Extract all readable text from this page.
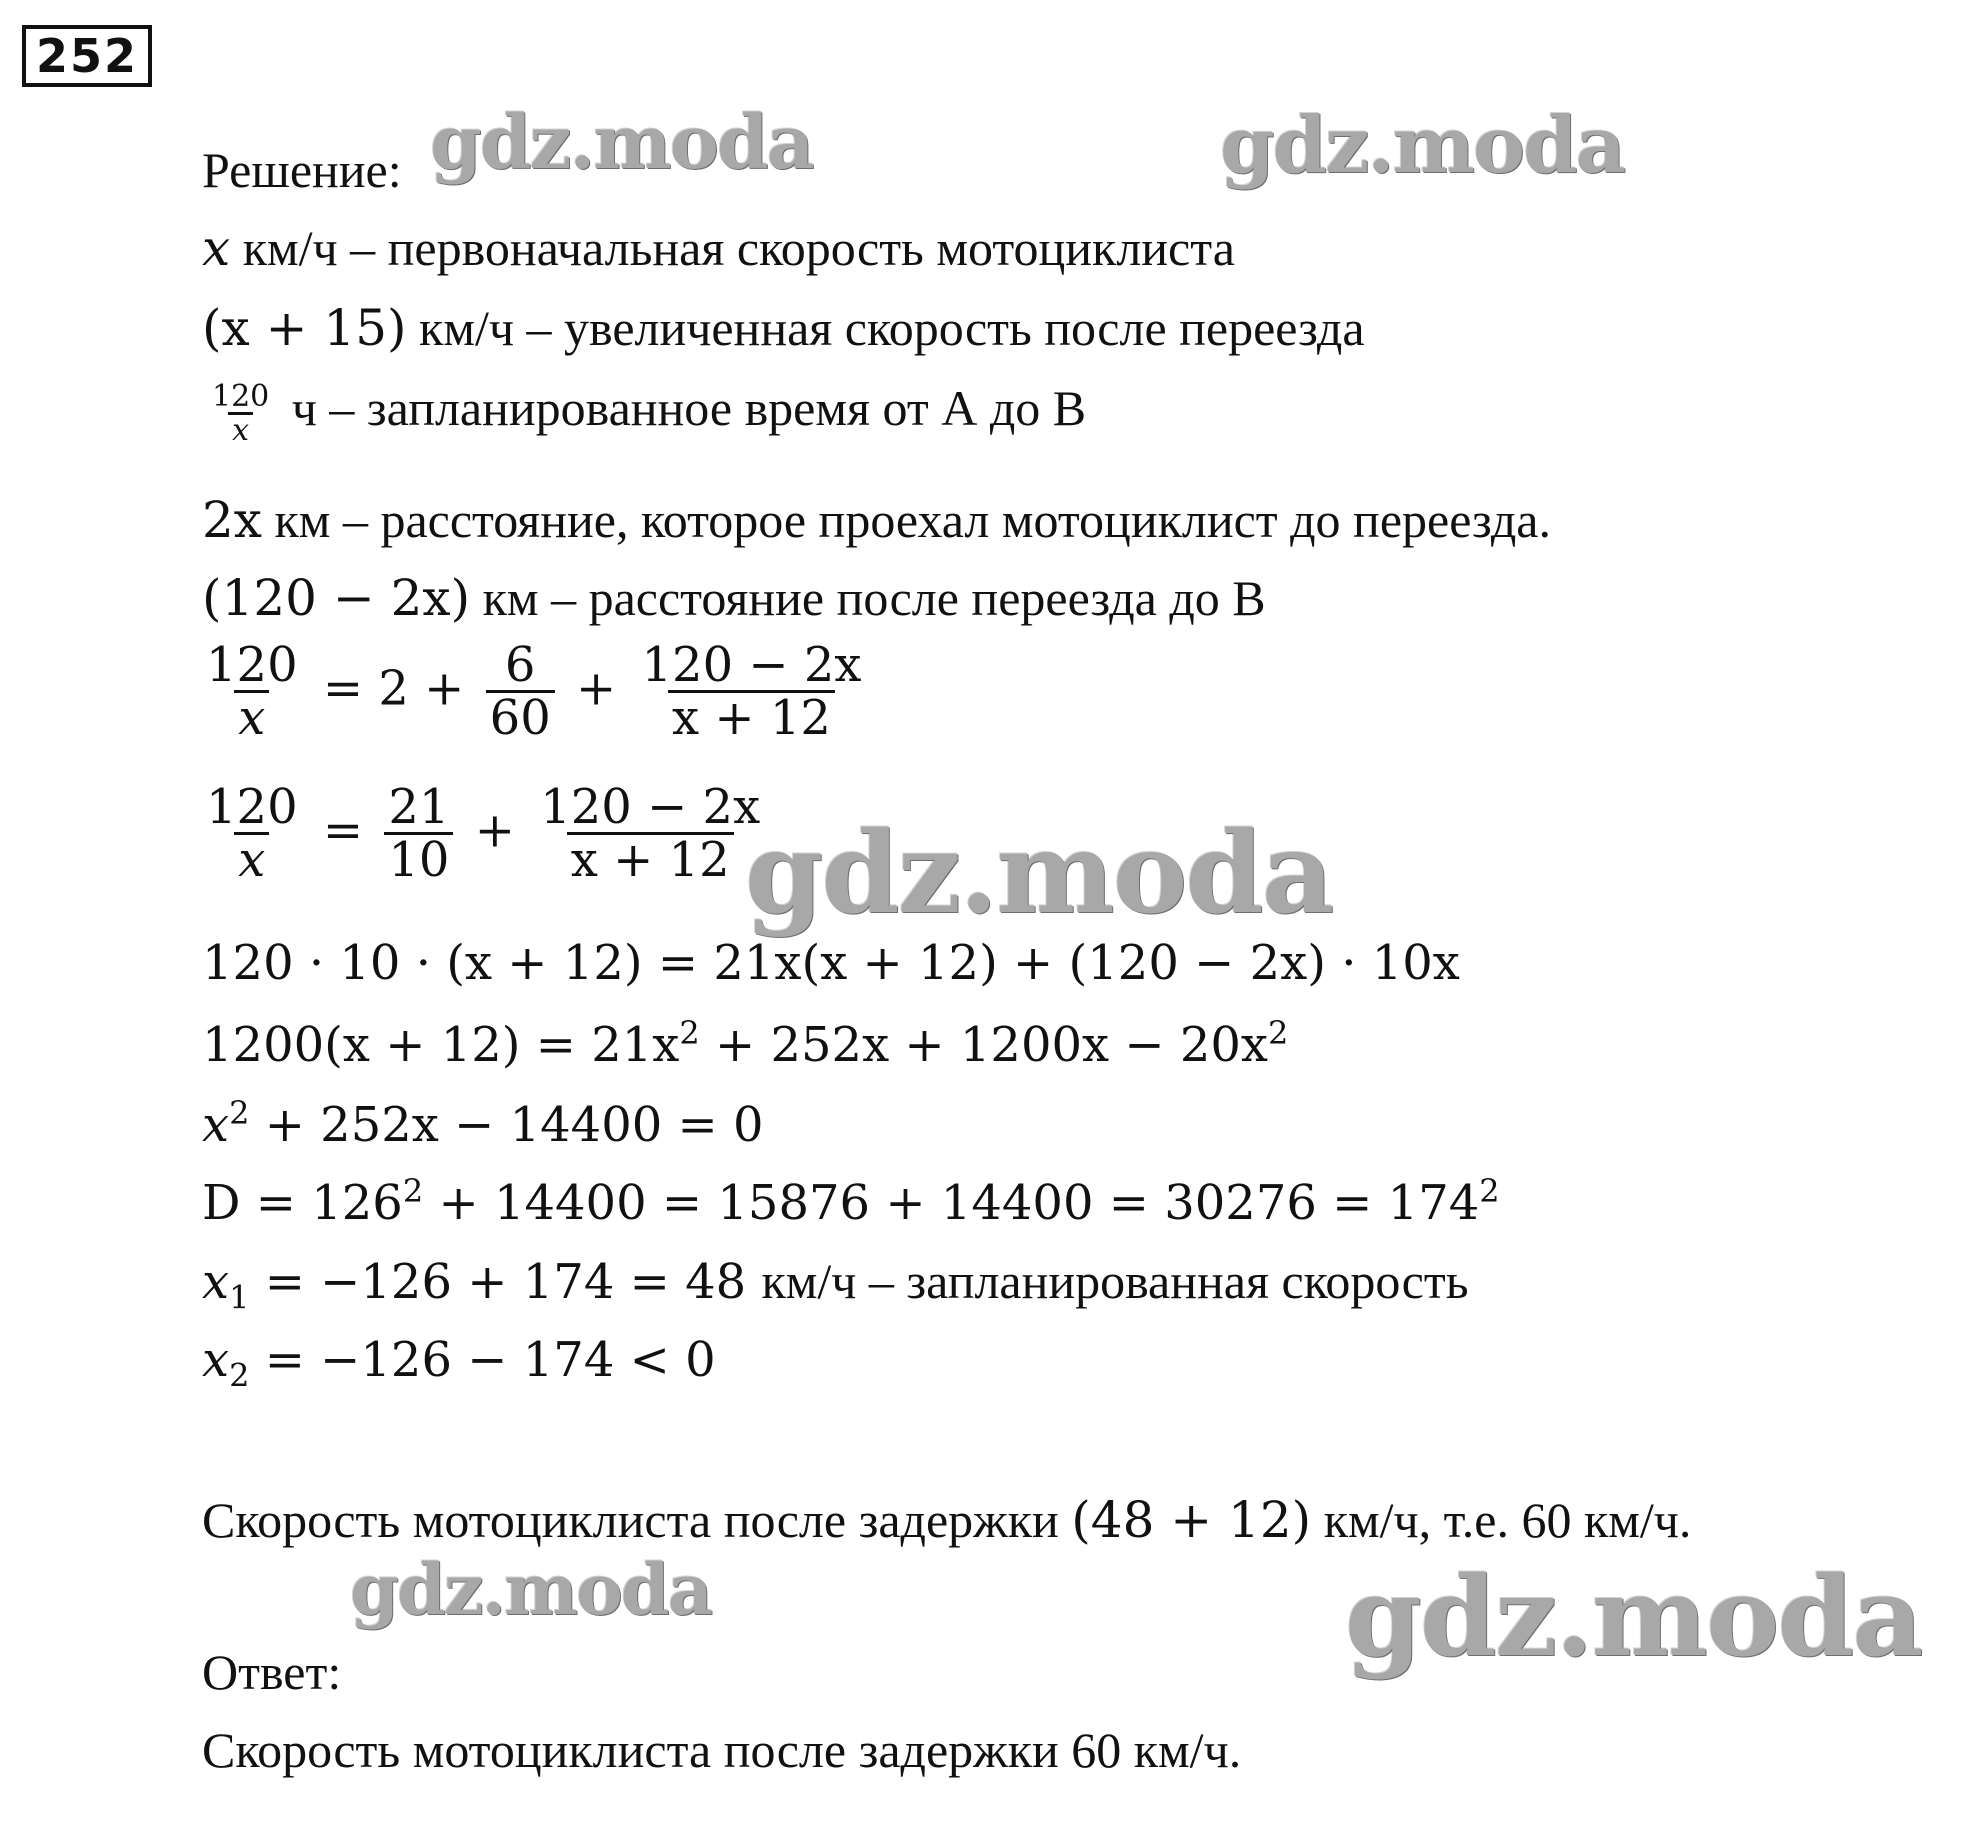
252
Решение:
x км/ч – первоначальная скорость мотоциклиста
(x + 15) км/ч – увеличенная скорость после переезда
$\frac{120}{x}$ ч – запланированное время от А до В
2x км – расстояние, которое проехал мотоциклист до переезда.
(120 − 2x) км – расстояние после переезда до В
$\frac{120}{x} = 2 + \frac{6}{60} + \frac{120 - 2x}{x + 12}$
$\frac{120}{x} = \frac{21}{10} + \frac{120 - 2x}{x + 12}$
120 · 10 · (x + 12) = 21x(x + 12) + (120 − 2x) · 10x
$1200(x + 12) = 21x^2 + 252x + 1200x - 20x^2$
$x^2 + 252x - 14400 = 0$
$D = 126^2 + 14400 = 15876 + 14400 = 30276 = 174^2$
$x_1 = -126 + 174 = 48$ км/ч – запланированная скорость
$x_2 = -126 - 174 < 0$
Скорость мотоциклиста после задержки (48 + 12) км/ч, т.е. 60 км/ч.
Ответ:
Скорость мотоциклиста после задержки 60 км/ч.
gdz.moda	gdz.moda
gdz.moda
gdz.moda	gdz.moda
